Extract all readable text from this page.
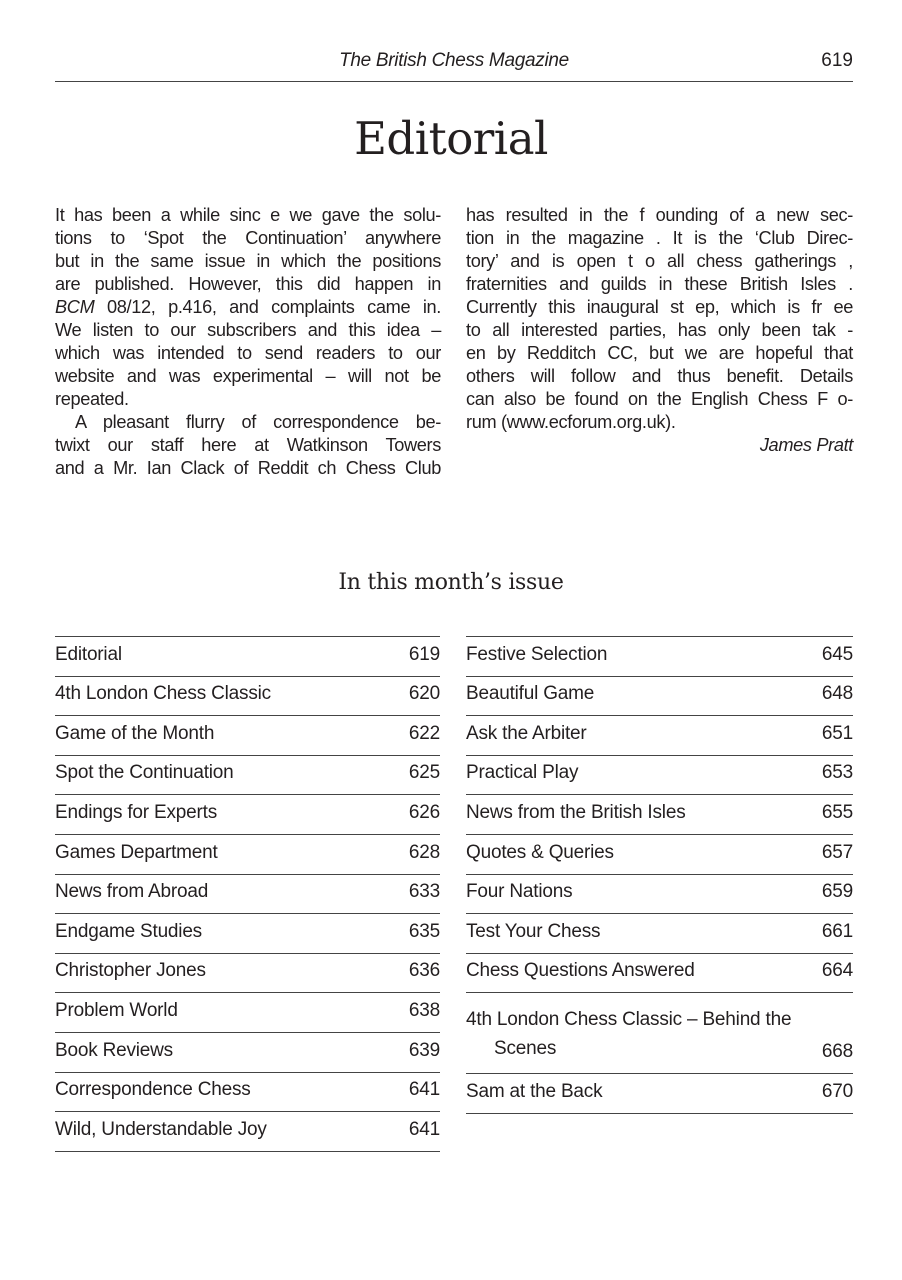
The British Chess Magazine	619
Editorial
It has been a while sinc e we gave the solu-
tions to ‘Spot the Continuation’ anywhere
but in the same issue in which the positions
are published. However, this did happen in
BCM 08/12, p.416, and complaints came in.
We listen to our subscribers and this idea –
which was intended to send readers to our
website and was experimental – will not be
repeated.
A pleasant flurry of correspondence be-
twixt our staff here at Watkinson Towers
and a Mr. Ian Clack of Reddit ch Chess Club
has resulted in the f ounding of a new sec-
tion in the magazine . It is the ‘Club Direc-
tory’ and is open t o all chess gatherings ,
fraternities and guilds in these British Isles .
Currently this inaugural st ep, which is fr ee
to all interested parties, has only been tak -
en by Redditch CC, but we are hopeful that
others will follow and thus benefit. Details
can also be found on the English Chess F o-
rum (www.ecforum.org.uk).
James Pratt
In this month’s issue
Editorial	619
4th London Chess Classic	620
Game of the Month	622
Spot the Continuation	625
Endings for Experts	626
Games Department	628
News from Abroad	633
Endgame Studies	635
Christopher Jones	636
Problem World	638
Book Reviews	639
Correspondence Chess	641
Wild, Understandable Joy	641
Festive Selection	645
Beautiful Game	648
Ask the Arbiter	651
Practical Play	653
News from the British Isles	655
Quotes & Queries	657
Four Nations	659
Test Your Chess	661
Chess Questions Answered	664
4th London Chess Classic – Behind the
Scenes	668
Sam at the Back	670
